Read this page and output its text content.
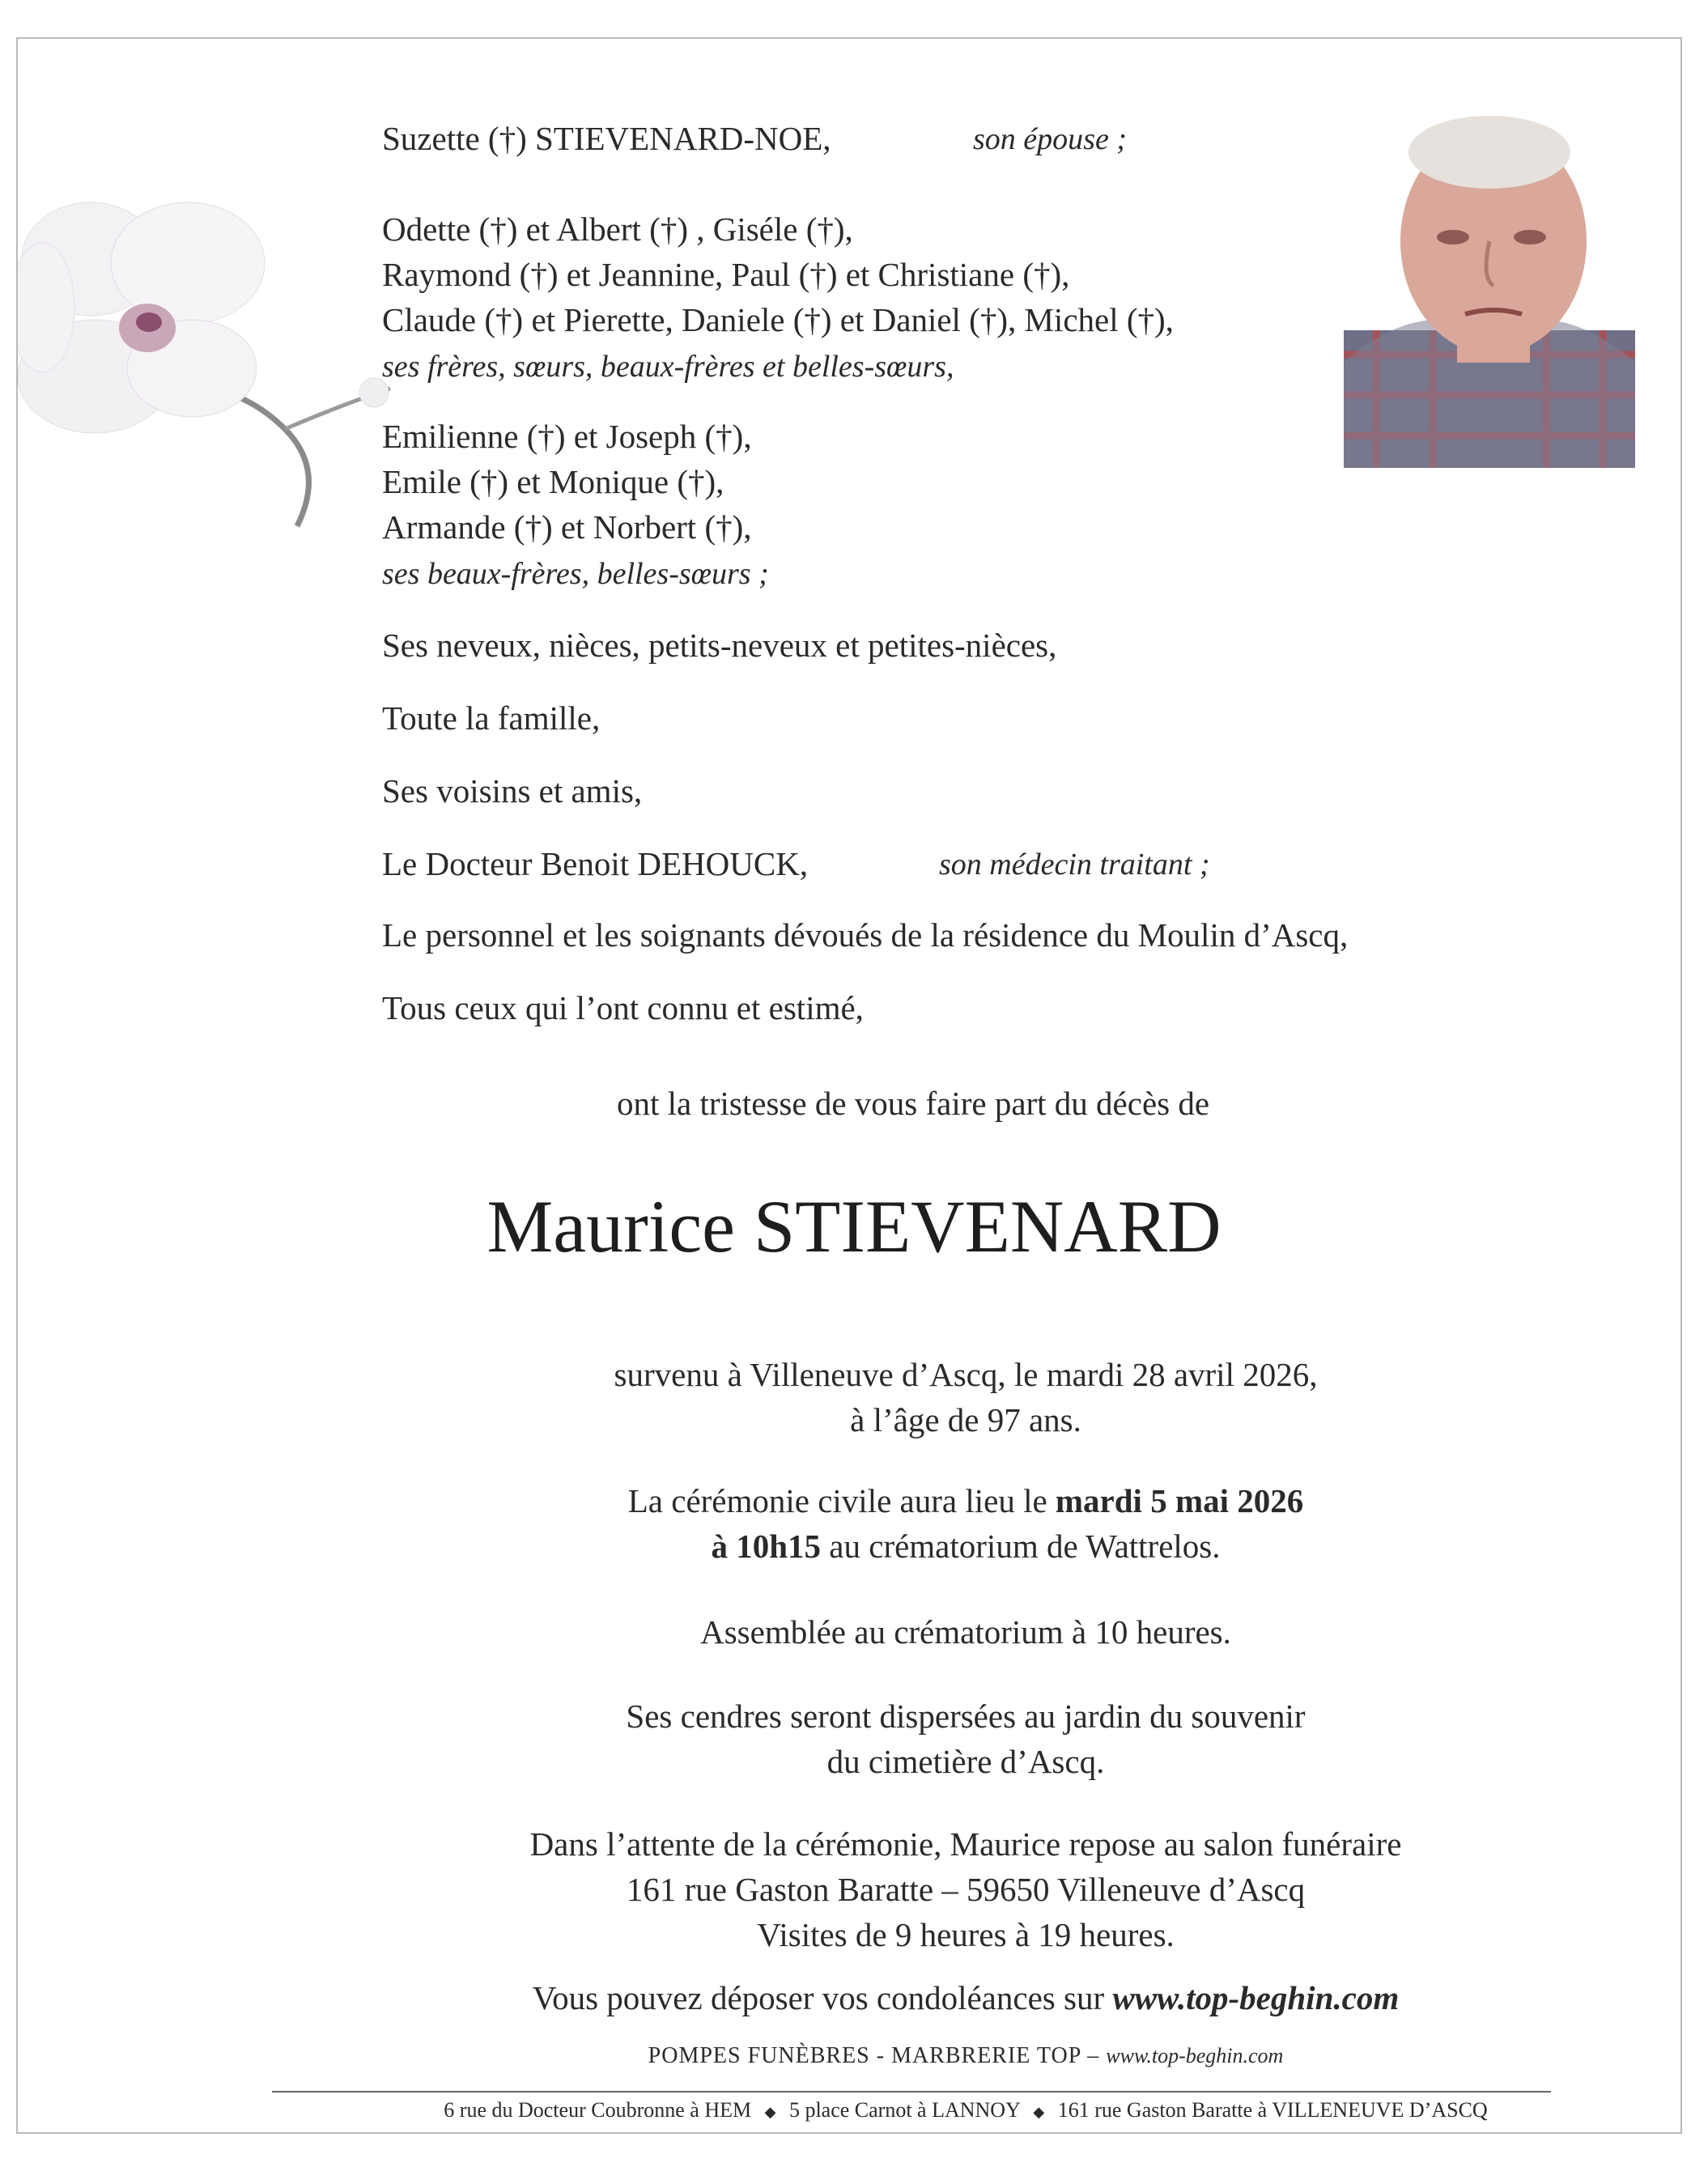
Suzette (†) STIEVENARD-NOE,	son épouse ;
Odette (†) et Albert (†) , Giséle (†),
Raymond (†) et Jeannine, Paul (†) et Christiane (†),
Claude (†) et Pierette, Daniele (†) et Daniel (†), Michel (†),
ses frères, sœurs, beaux-frères et belles-sœurs,
Emilienne (†) et Joseph (†),
Emile (†) et Monique (†),
Armande (†) et Norbert (†),
ses beaux-frères, belles-sœurs ;
Ses neveux, nièces, petits-neveux et petites-nièces,
Toute la famille,
Ses voisins et amis,
Le Docteur Benoit DEHOUCK,	son médecin traitant ;
Le personnel et les soignants dévoués de la résidence du Moulin d’Ascq,
Tous ceux qui l’ont connu et estimé,
ont la tristesse de vous faire part du décès de
Maurice STIEVENARD
survenu à Villeneuve d’Ascq, le mardi 28 avril 2026,
à l’âge de 97 ans.
La cérémonie civile aura lieu le mardi 5 mai 2026
à 10h15 au crématorium de Wattrelos.
Assemblée au crématorium à 10 heures.
Ses cendres seront dispersées au jardin du souvenir
du cimetière d’Ascq.
Dans l’attente de la cérémonie, Maurice repose au salon funéraire
161 rue Gaston Baratte – 59650 Villeneuve d’Ascq
Visites de 9 heures à 19 heures.
Vous pouvez déposer vos condoléances sur www.top-beghin.com
POMPES FUNÈBRES - MARBRERIE TOP – www.top-beghin.com
6 rue du Docteur Coubronne à HEM ◆ 5 place Carnot à LANNOY ◆ 161 rue Gaston Baratte à VILLENEUVE D’ASCQ
